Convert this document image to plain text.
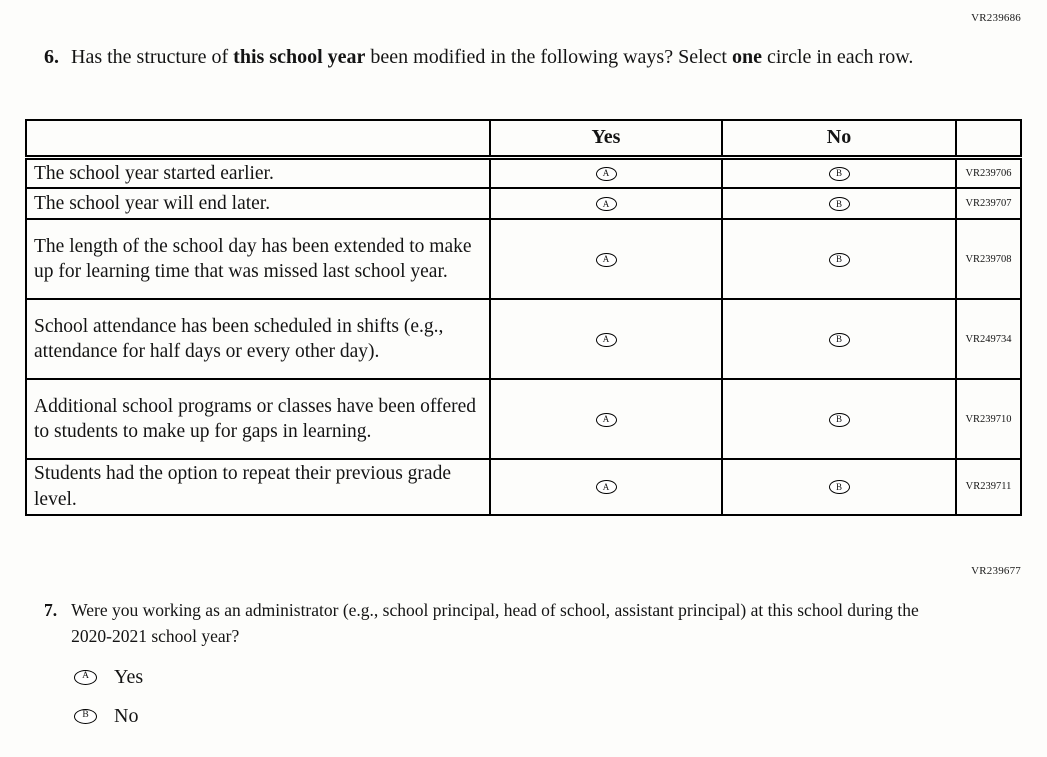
VR239686
6. Has the structure of this school year been modified in the following ways? Select one circle in each row.
	Yes	No	
The school year started earlier.	A	B	VR239706
The school year will end later.	A	B	VR239707
The length of the school day has been extended to make up for learning time that was missed last school year.	A	B	VR239708
School attendance has been scheduled in shifts (e.g., attendance for half days or every other day).	A	B	VR249734
Additional school programs or classes have been offered to students to make up for gaps in learning.	A	B	VR239710
Students had the option to repeat their previous grade level.	A	B	VR239711
VR239677
7. Were you working as an administrator (e.g., school principal, head of school, assistant principal) at this school during the 2020-2021 school year?
A Yes
B No
